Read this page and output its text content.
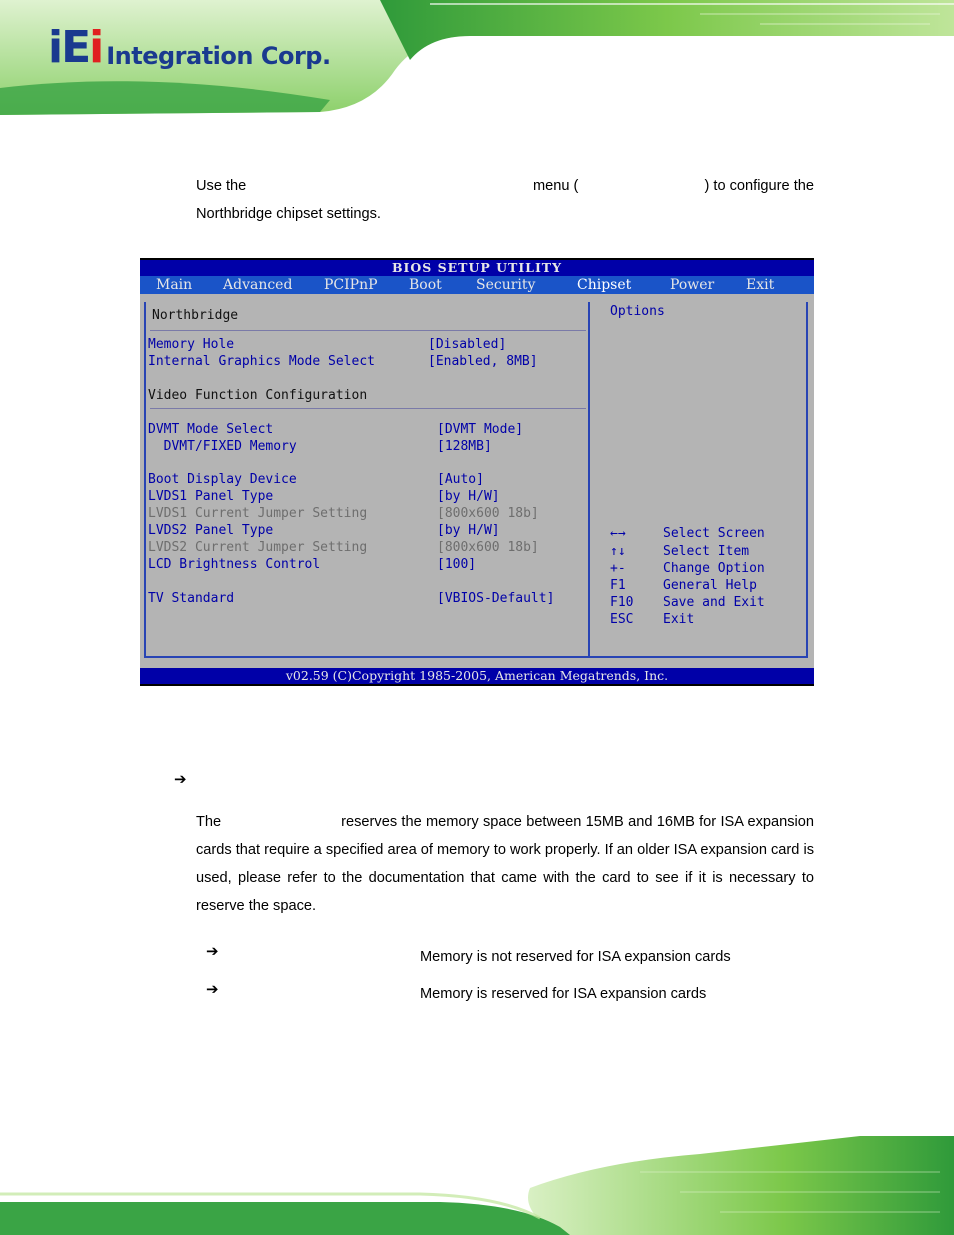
iEi Integration Corp.
Use the	menu (	) to configure the
Northbridge chipset settings.
BIOS SETUP UTILITY
Main Advanced PCIPnP Boot Security	Chipset	Power Exit
Northbridge
Memory Hole	[Disabled]
Internal Graphics Mode Select	[Enabled, 8MB]
Video Function Configuration
DVMT Mode Select	[DVMT Mode]
DVMT/FIXED Memory	[128MB]
Boot Display Device	[Auto]
LVDS1 Panel Type	[by H/W]
LVDS1 Current Jumper Setting	[800x600 18b]
LVDS2 Panel Type	[by H/W]
LVDS2 Current Jumper Setting	[800x600 18b]
LCD Brightness Control	[100]
TV Standard	[VBIOS-Default]
Options
←→	Select Screen
↑↓	Select Item
+-	Change Option
F1	General Help
F10 Save and Exit
ESC Exit
v02.59 (C)Copyright 1985-2005, American Megatrends, Inc.
➔
The	reserves the memory space between 15MB and 16MB for ISA expansion cards that require a specified area of memory to work properly. If an older ISA expansion card is used, please refer to the documentation that came with the card to see if it is necessary to reserve the space.
➔	Memory is not reserved for ISA expansion cards
➔	Memory is reserved for ISA expansion cards
